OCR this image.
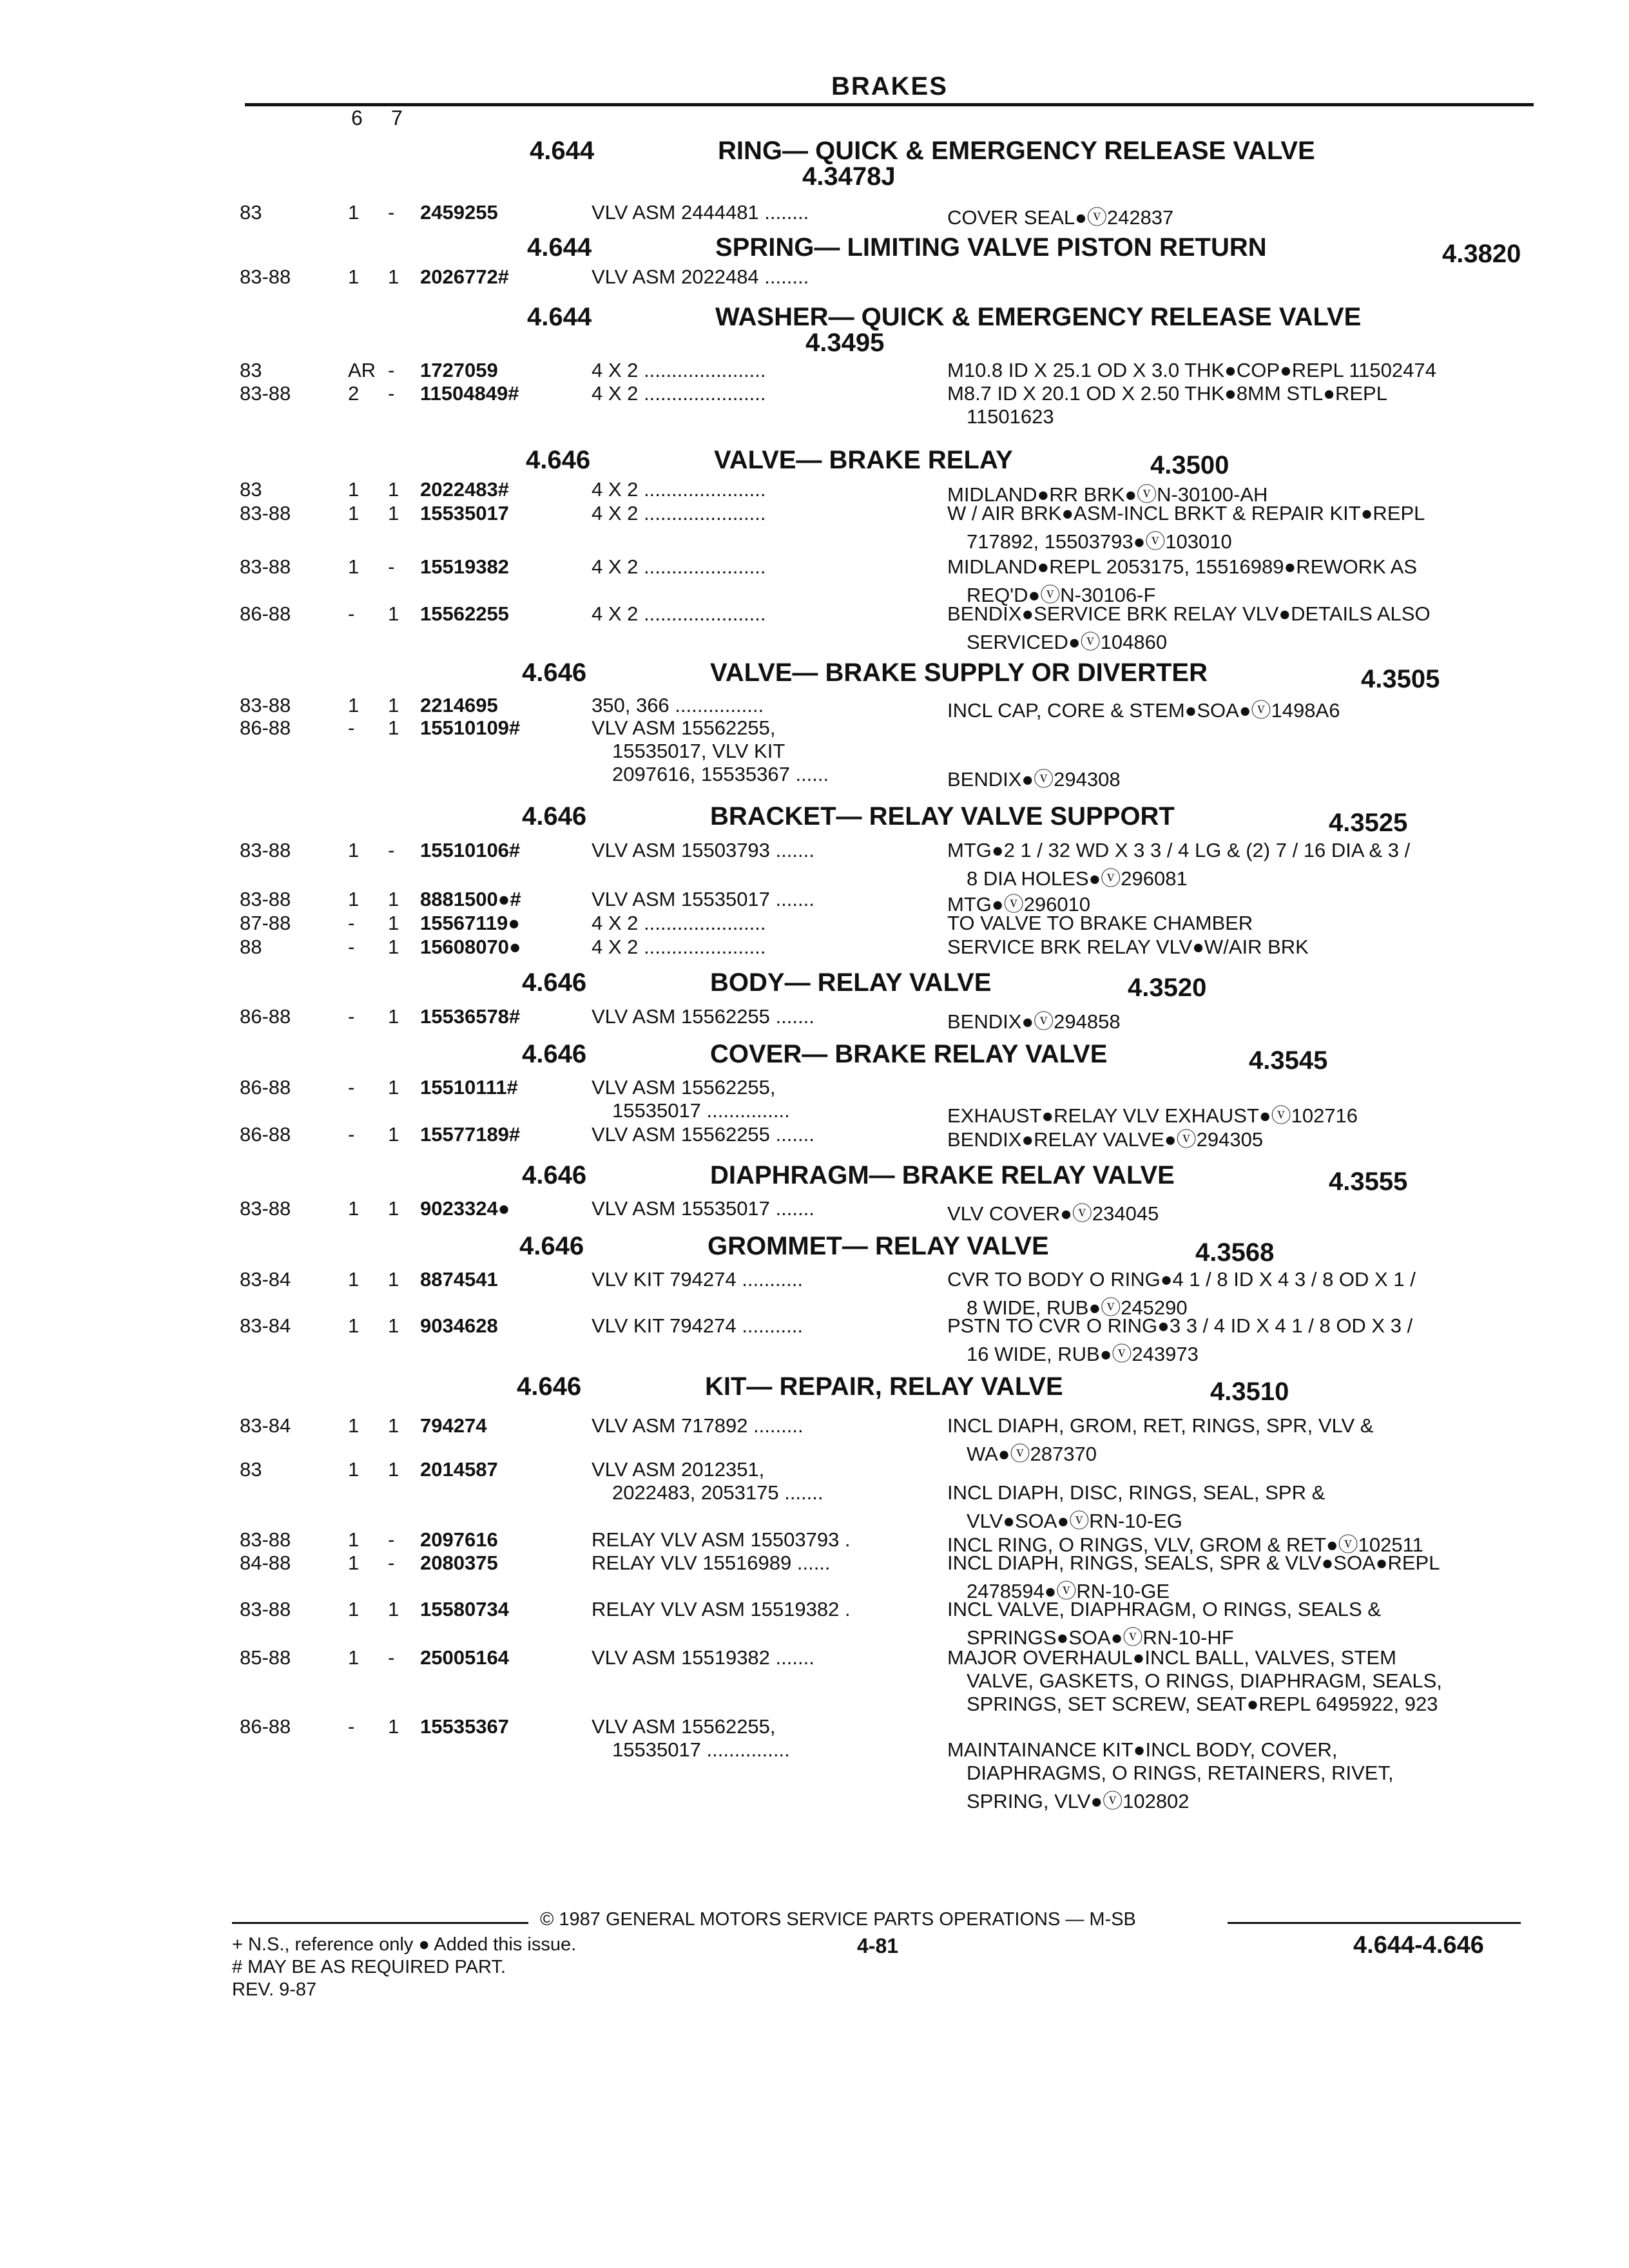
BRAKES
6 7
4.644	RING— QUICK & EMERGENCY RELEASE VALVE
4.3478J
83	1 - 2459255	VLV ASM 2444481 ........	COVER SEAL●ⓥ242837
4.644	SPRING— LIMITING VALVE PISTON RETURN	4.3820
83-88	1 1 2026772#	VLV ASM 2022484 ........
4.644	WASHER— QUICK & EMERGENCY RELEASE VALVE
4.3495
83	AR - 1727059	4 X 2 ......................	M10.8 ID X 25.1 OD X 3.0 THK●COP●REPL 11502474
83-88	2 - 11504849#	4 X 2 ......................	M8.7 ID X 20.1 OD X 2.50 THK●8MM STL●REPL
11501623
4.646	VALVE— BRAKE RELAY	4.3500
83	1 1 2022483#	4 X 2 ......................	MIDLAND●RR BRK●ⓥN-30100-AH
83-88	1 1 15535017	4 X 2 ......................	W / AIR BRK●ASM-INCL BRKT & REPAIR KIT●REPL
717892, 15503793●ⓥ103010
83-88	1 - 15519382	4 X 2 ......................	MIDLAND●REPL 2053175, 15516989●REWORK AS
REQ'D●ⓥN-30106-F
86-88	- 1 15562255	4 X 2 ......................	BENDIX●SERVICE BRK RELAY VLV●DETAILS ALSO
SERVICED●ⓥ104860
4.646	VALVE— BRAKE SUPPLY OR DIVERTER	4.3505
83-88	1 1 2214695	350, 366 ................	INCL CAP, CORE & STEM●SOA●ⓥ1498A6
86-88	- 1 15510109#	VLV ASM 15562255,
15535017, VLV KIT
2097616, 15535367 ......	BENDIX●ⓥ294308
4.646	BRACKET— RELAY VALVE SUPPORT	4.3525
83-88	1 - 15510106#	VLV ASM 15503793 .......	MTG●2 1 / 32 WD X 3 3 / 4 LG & (2) 7 / 16 DIA & 3 /
8 DIA HOLES●ⓥ296081
83-88	1 1 8881500●#	VLV ASM 15535017 .......	MTG●ⓥ296010
87-88	- 1 15567119●	4 X 2 ......................	TO VALVE TO BRAKE CHAMBER
88	- 1 15608070●	4 X 2 ......................	SERVICE BRK RELAY VLV●W/AIR BRK
4.646	BODY— RELAY VALVE	4.3520
86-88	- 1 15536578#	VLV ASM 15562255 .......	BENDIX●ⓥ294858
4.646	COVER— BRAKE RELAY VALVE	4.3545
86-88	- 1 15510111#	VLV ASM 15562255,
15535017 ...............	EXHAUST●RELAY VLV EXHAUST●ⓥ102716
86-88	- 1 15577189#	VLV ASM 15562255 .......	BENDIX●RELAY VALVE●ⓥ294305
4.646	DIAPHRAGM— BRAKE RELAY VALVE	4.3555
83-88	1 1 9023324●	VLV ASM 15535017 .......	VLV COVER●ⓥ234045
4.646	GROMMET— RELAY VALVE	4.3568
83-84	1 1 8874541	VLV KIT 794274 ...........	CVR TO BODY O RING●4 1 / 8 ID X 4 3 / 8 OD X 1 /
8 WIDE, RUB●ⓥ245290
83-84	1 1 9034628	VLV KIT 794274 ...........	PSTN TO CVR O RING●3 3 / 4 ID X 4 1 / 8 OD X 3 /
16 WIDE, RUB●ⓥ243973
4.646	KIT— REPAIR, RELAY VALVE	4.3510
83-84	1 1 794274	VLV ASM 717892 .........	INCL DIAPH, GROM, RET, RINGS, SPR, VLV &
WA●ⓥ287370
83	1 1 2014587	VLV ASM 2012351,
2022483, 2053175 .......	INCL DIAPH, DISC, RINGS, SEAL, SPR &
VLV●SOA●ⓥRN-10-EG
83-88	1 - 2097616	RELAY VLV ASM 15503793 .	INCL RING, O RINGS, VLV, GROM & RET●ⓥ102511
84-88	1 - 2080375	RELAY VLV 15516989 ......	INCL DIAPH, RINGS, SEALS, SPR & VLV●SOA●REPL
2478594●ⓥRN-10-GE
83-88	1 1 15580734	RELAY VLV ASM 15519382 .	INCL VALVE, DIAPHRAGM, O RINGS, SEALS &
SPRINGS●SOA●ⓥRN-10-HF
85-88	1 - 25005164	VLV ASM 15519382 .......	MAJOR OVERHAUL●INCL BALL, VALVES, STEM
VALVE, GASKETS, O RINGS, DIAPHRAGM, SEALS,
SPRINGS, SET SCREW, SEAT●REPL 6495922, 923
86-88	- 1 15535367	VLV ASM 15562255,
15535017 ...............	MAINTAINANCE KIT●INCL BODY, COVER,
DIAPHRAGMS, O RINGS, RETAINERS, RIVET,
SPRING, VLV●ⓥ102802
© 1987 GENERAL MOTORS SERVICE PARTS OPERATIONS — M-SB
+ N.S., reference only ● Added this issue.
# MAY BE AS REQUIRED PART.
REV. 9-87
4-81	4.644-4.646
